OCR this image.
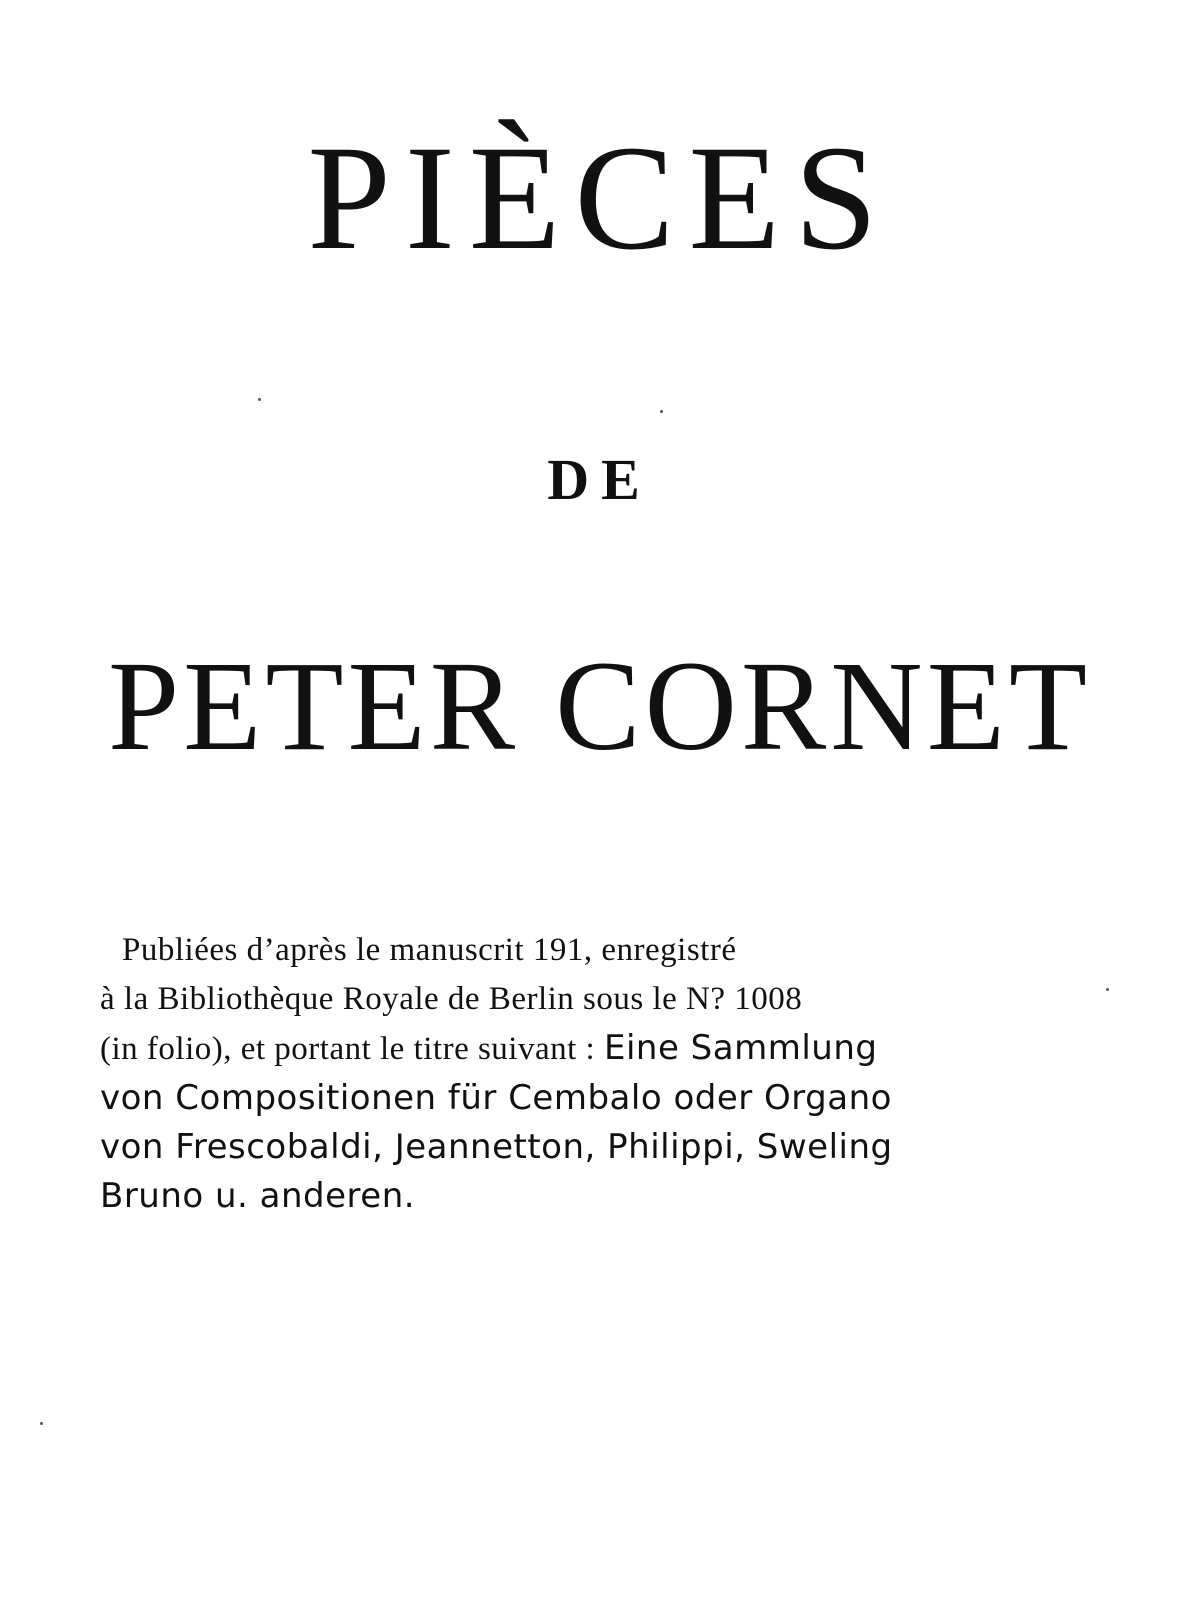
PIÈCES
DE
PETER CORNET
Publiées d’après le manuscrit 191, enregistré
à la Bibliothèque Royale de Berlin sous le N? 1008
(in folio), et portant le titre suivant : Eine Sammlung
von Compositionen für Cembalo oder Organo
von Frescobaldi, Jeannetton, Philippi, Sweling
Bruno u. anderen.
